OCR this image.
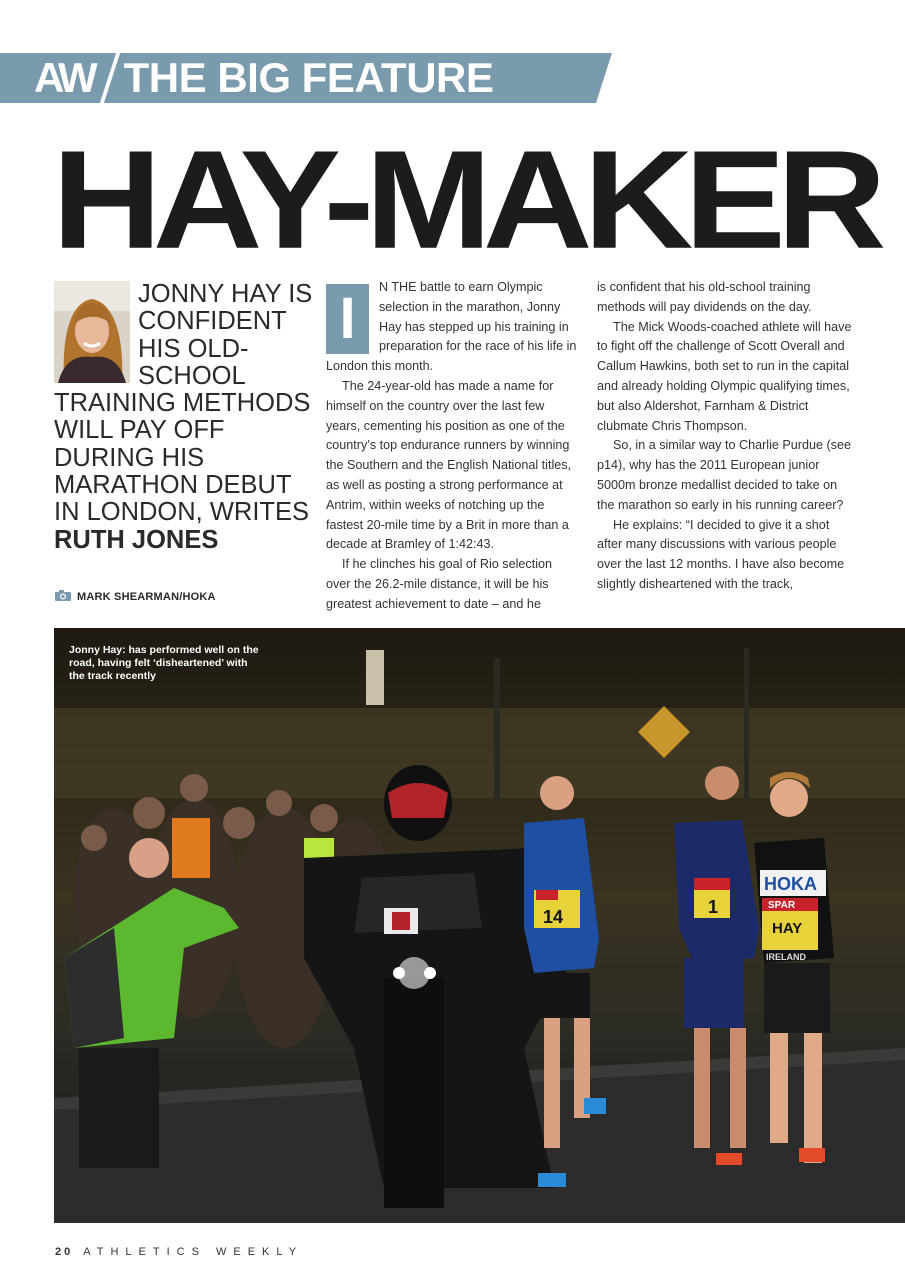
AW THE BIG FEATURE
HAY-MAKER
JONNY HAY IS CONFIDENT HIS OLD-SCHOOL TRAINING METHODS WILL PAY OFF DURING HIS MARATHON DEBUT IN LONDON, WRITES RUTH JONES
MARK SHEARMAN/HOKA
I	N THE battle to earn Olympic selection in the marathon, Jonny Hay has stepped up his training in preparation for the race of his life in London this month.

The 24-year-old has made a name for himself on the country over the last few years, cementing his position as one of the country’s top endurance runners by winning the Southern and the English National titles, as well as posting a strong performance at Antrim, within weeks of notching up the fastest 20-mile time by a Brit in more than a decade at Bramley of 1:42:43.

If he clinches his goal of Rio selection over the 26.2-mile distance, it will be his greatest achievement to date – and he

is confident that his old-school training methods will pay dividends on the day.

The Mick Woods-coached athlete will have to fight off the challenge of Scott Overall and Callum Hawkins, both set to run in the capital and already holding Olympic qualifying times, but also Aldershot, Farnham & District clubmate Chris Thompson.

So, in a similar way to Charlie Purdue (see p14), why has the 2011 European junior 5000m bronze medallist decided to take on the marathon so early in his running career?

He explains: “I decided to give it a shot after many discussions with various people over the last 12 months. I have also become slightly disheartened with the track,

14	1
HOKA
SPAR
HAY
IRELAND
Jonny Hay: has performed well on the road, having felt ‘disheartened’ with the track recently
20 ATHLETICS WEEKLY
